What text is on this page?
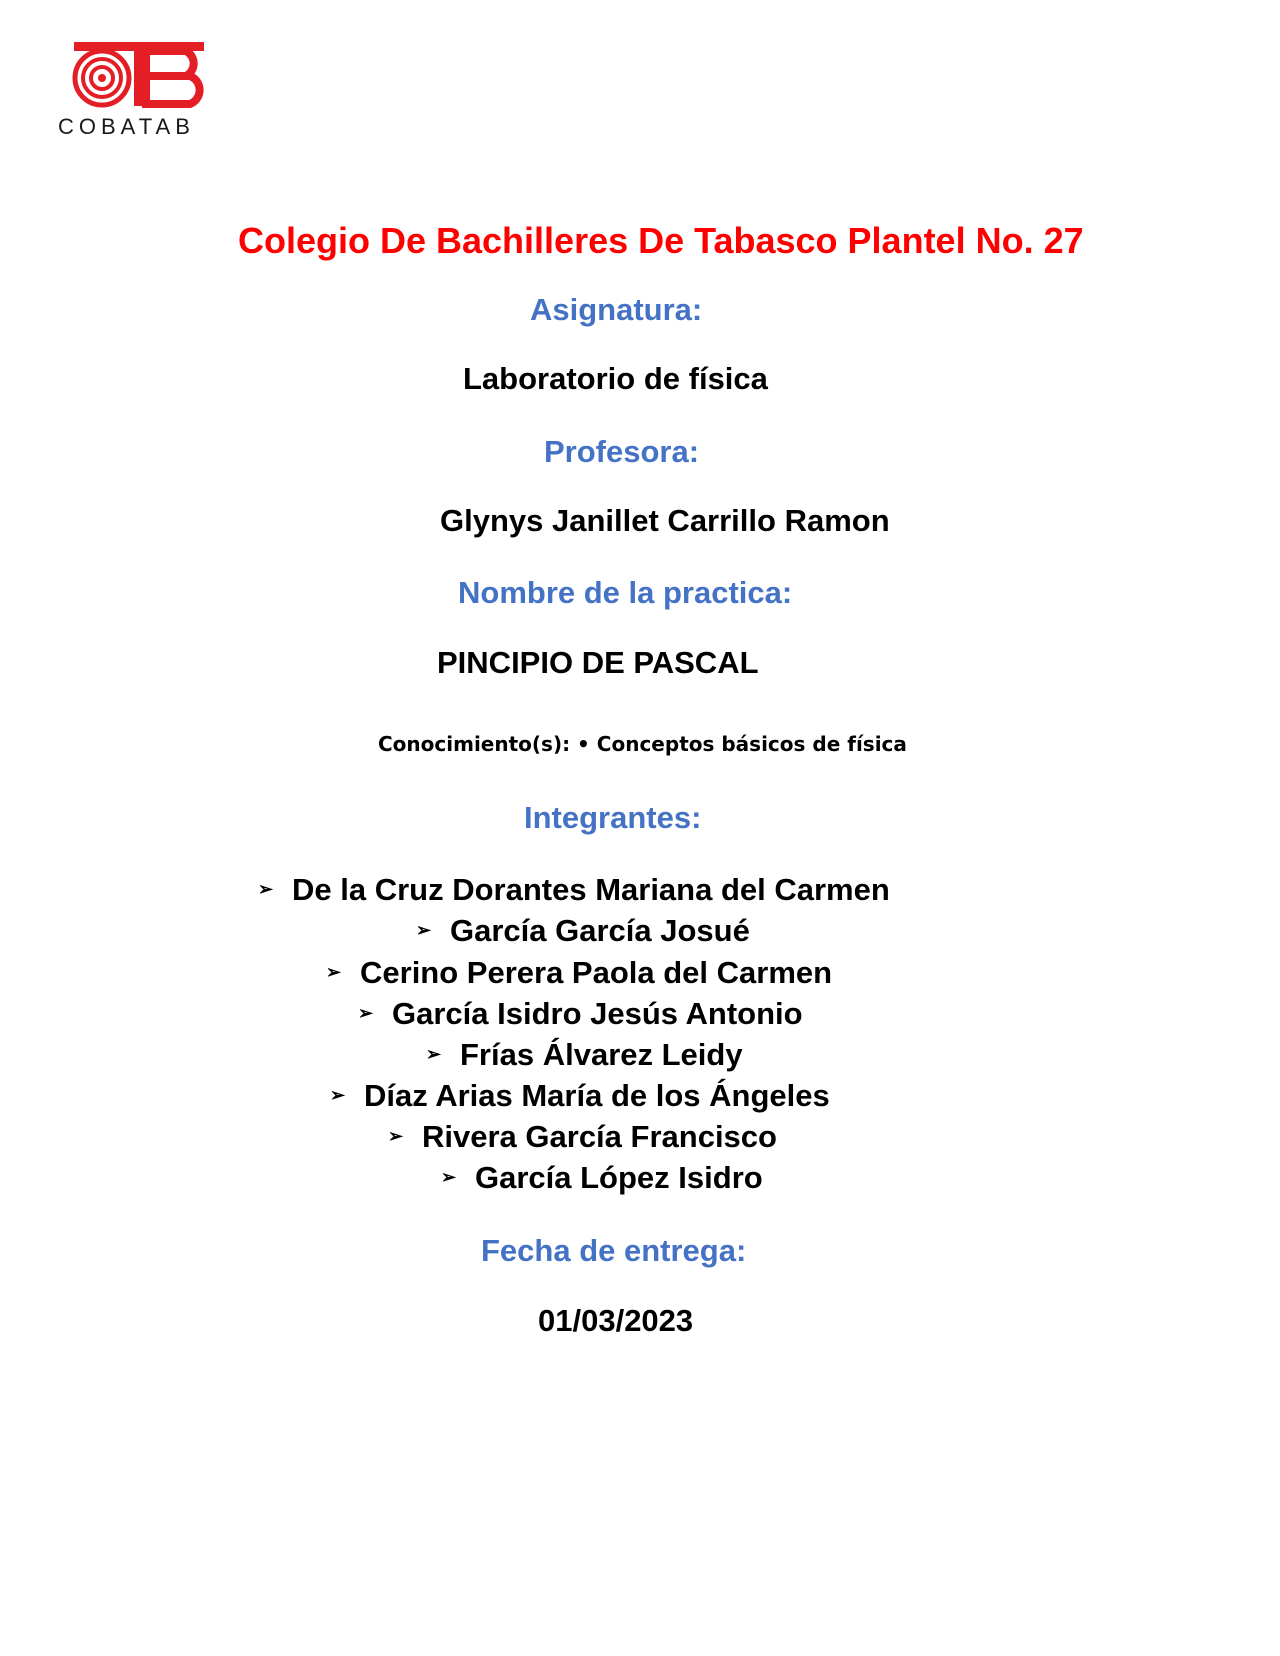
COBATAB
Colegio De Bachilleres De Tabasco Plantel No. 27
Asignatura:
Laboratorio de física
Profesora:
Glynys Janillet Carrillo Ramon
Nombre de la practica:
PINCIPIO DE PASCAL
Conocimiento(s): • Conceptos básicos de física
Integrantes:
➢ De la Cruz Dorantes Mariana del Carmen
➢ García García Josué
➢ Cerino Perera Paola del Carmen
➢ García Isidro Jesús Antonio
➢ Frías Álvarez Leidy
➢ Díaz Arias María de los Ángeles
➢ Rivera García Francisco
➢ García López Isidro
Fecha de entrega:
01/03/2023
